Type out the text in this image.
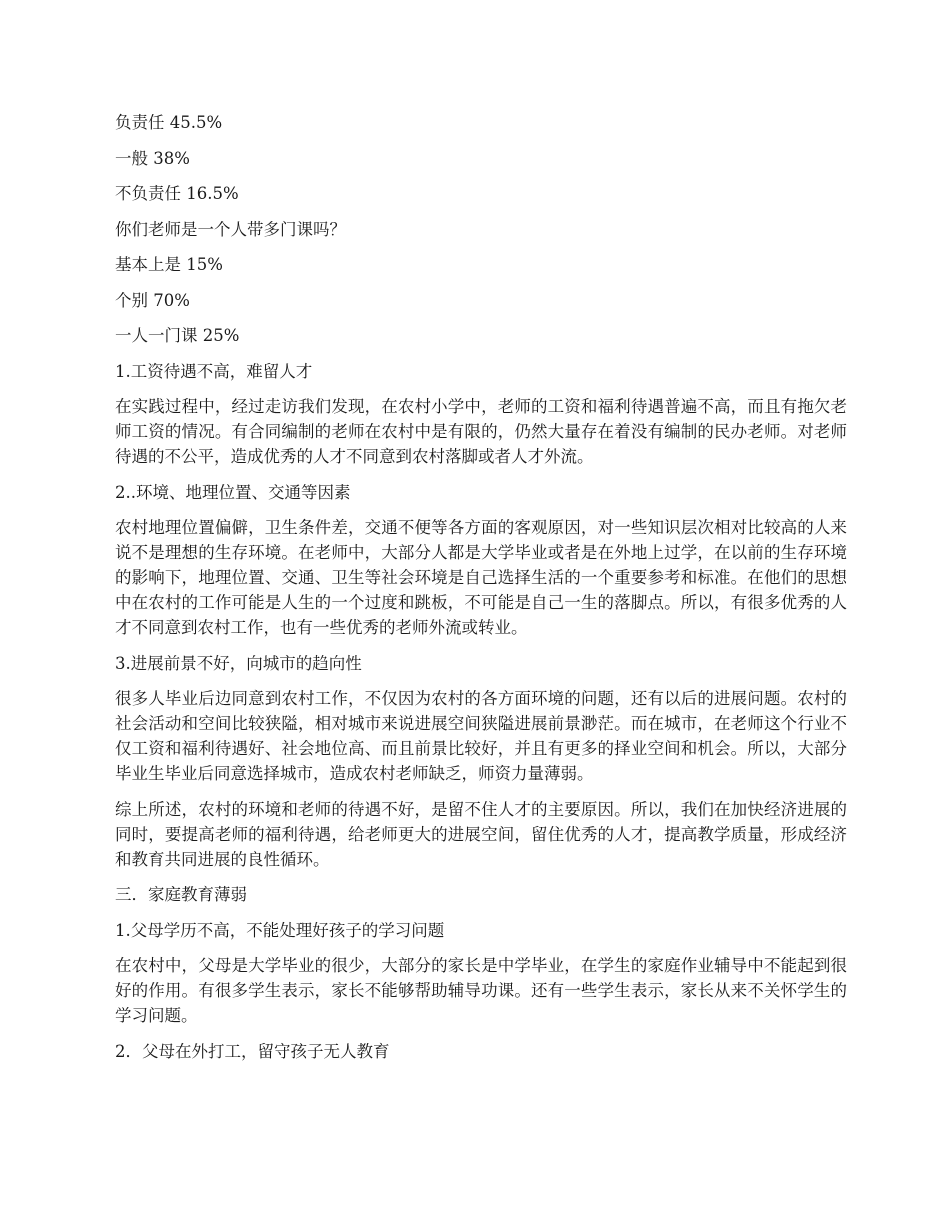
负责任 45.5%

一般 38%

不负责任 16.5%

你们老师是一个人带多门课吗？

基本上是 15%

个别 70%

一人一门课 25%

1.工资待遇不高，难留人才

在实践过程中，经过走访我们发现，在农村小学中，老师的工资和福利待遇普遍不高，而且有拖欠老师工资的情况。有合同编制的老师在农村中是有限的，仍然大量存在着没有编制的民办老师。对老师待遇的不公平，造成优秀的人才不同意到农村落脚或者人才外流。

2..环境、地理位置、交通等因素

农村地理位置偏僻，卫生条件差，交通不便等各方面的客观原因，对一些知识层次相对比较高的人来说不是理想的生存环境。在老师中，大部分人都是大学毕业或者是在外地上过学，在以前的生存环境的影响下，地理位置、交通、卫生等社会环境是自己选择生活的一个重要参考和标准。在他们的思想中在农村的工作可能是人生的一个过度和跳板，不可能是自己一生的落脚点。所以，有很多优秀的人才不同意到农村工作，也有一些优秀的老师外流或转业。

3.进展前景不好，向城市的趋向性

很多人毕业后边同意到农村工作，不仅因为农村的各方面环境的问题，还有以后的进展问题。农村的社会活动和空间比较狭隘，相对城市来说进展空间狭隘进展前景渺茫。而在城市，在老师这个行业不仅工资和福利待遇好、社会地位高、而且前景比较好，并且有更多的择业空间和机会。所以，大部分毕业生毕业后同意选择城市，造成农村老师缺乏，师资力量薄弱。

综上所述，农村的环境和老师的待遇不好，是留不住人才的主要原因。所以，我们在加快经济进展的同时，要提高老师的福利待遇，给老师更大的进展空间，留住优秀的人才，提高教学质量，形成经济和教育共同进展的良性循环。

三．家庭教育薄弱

1.父母学历不高，不能处理好孩子的学习问题

在农村中，父母是大学毕业的很少，大部分的家长是中学毕业，在学生的家庭作业辅导中不能起到很好的作用。有很多学生表示，家长不能够帮助辅导功课。还有一些学生表示，家长从来不关怀学生的学习问题。

2．父母在外打工，留守孩子无人教育
